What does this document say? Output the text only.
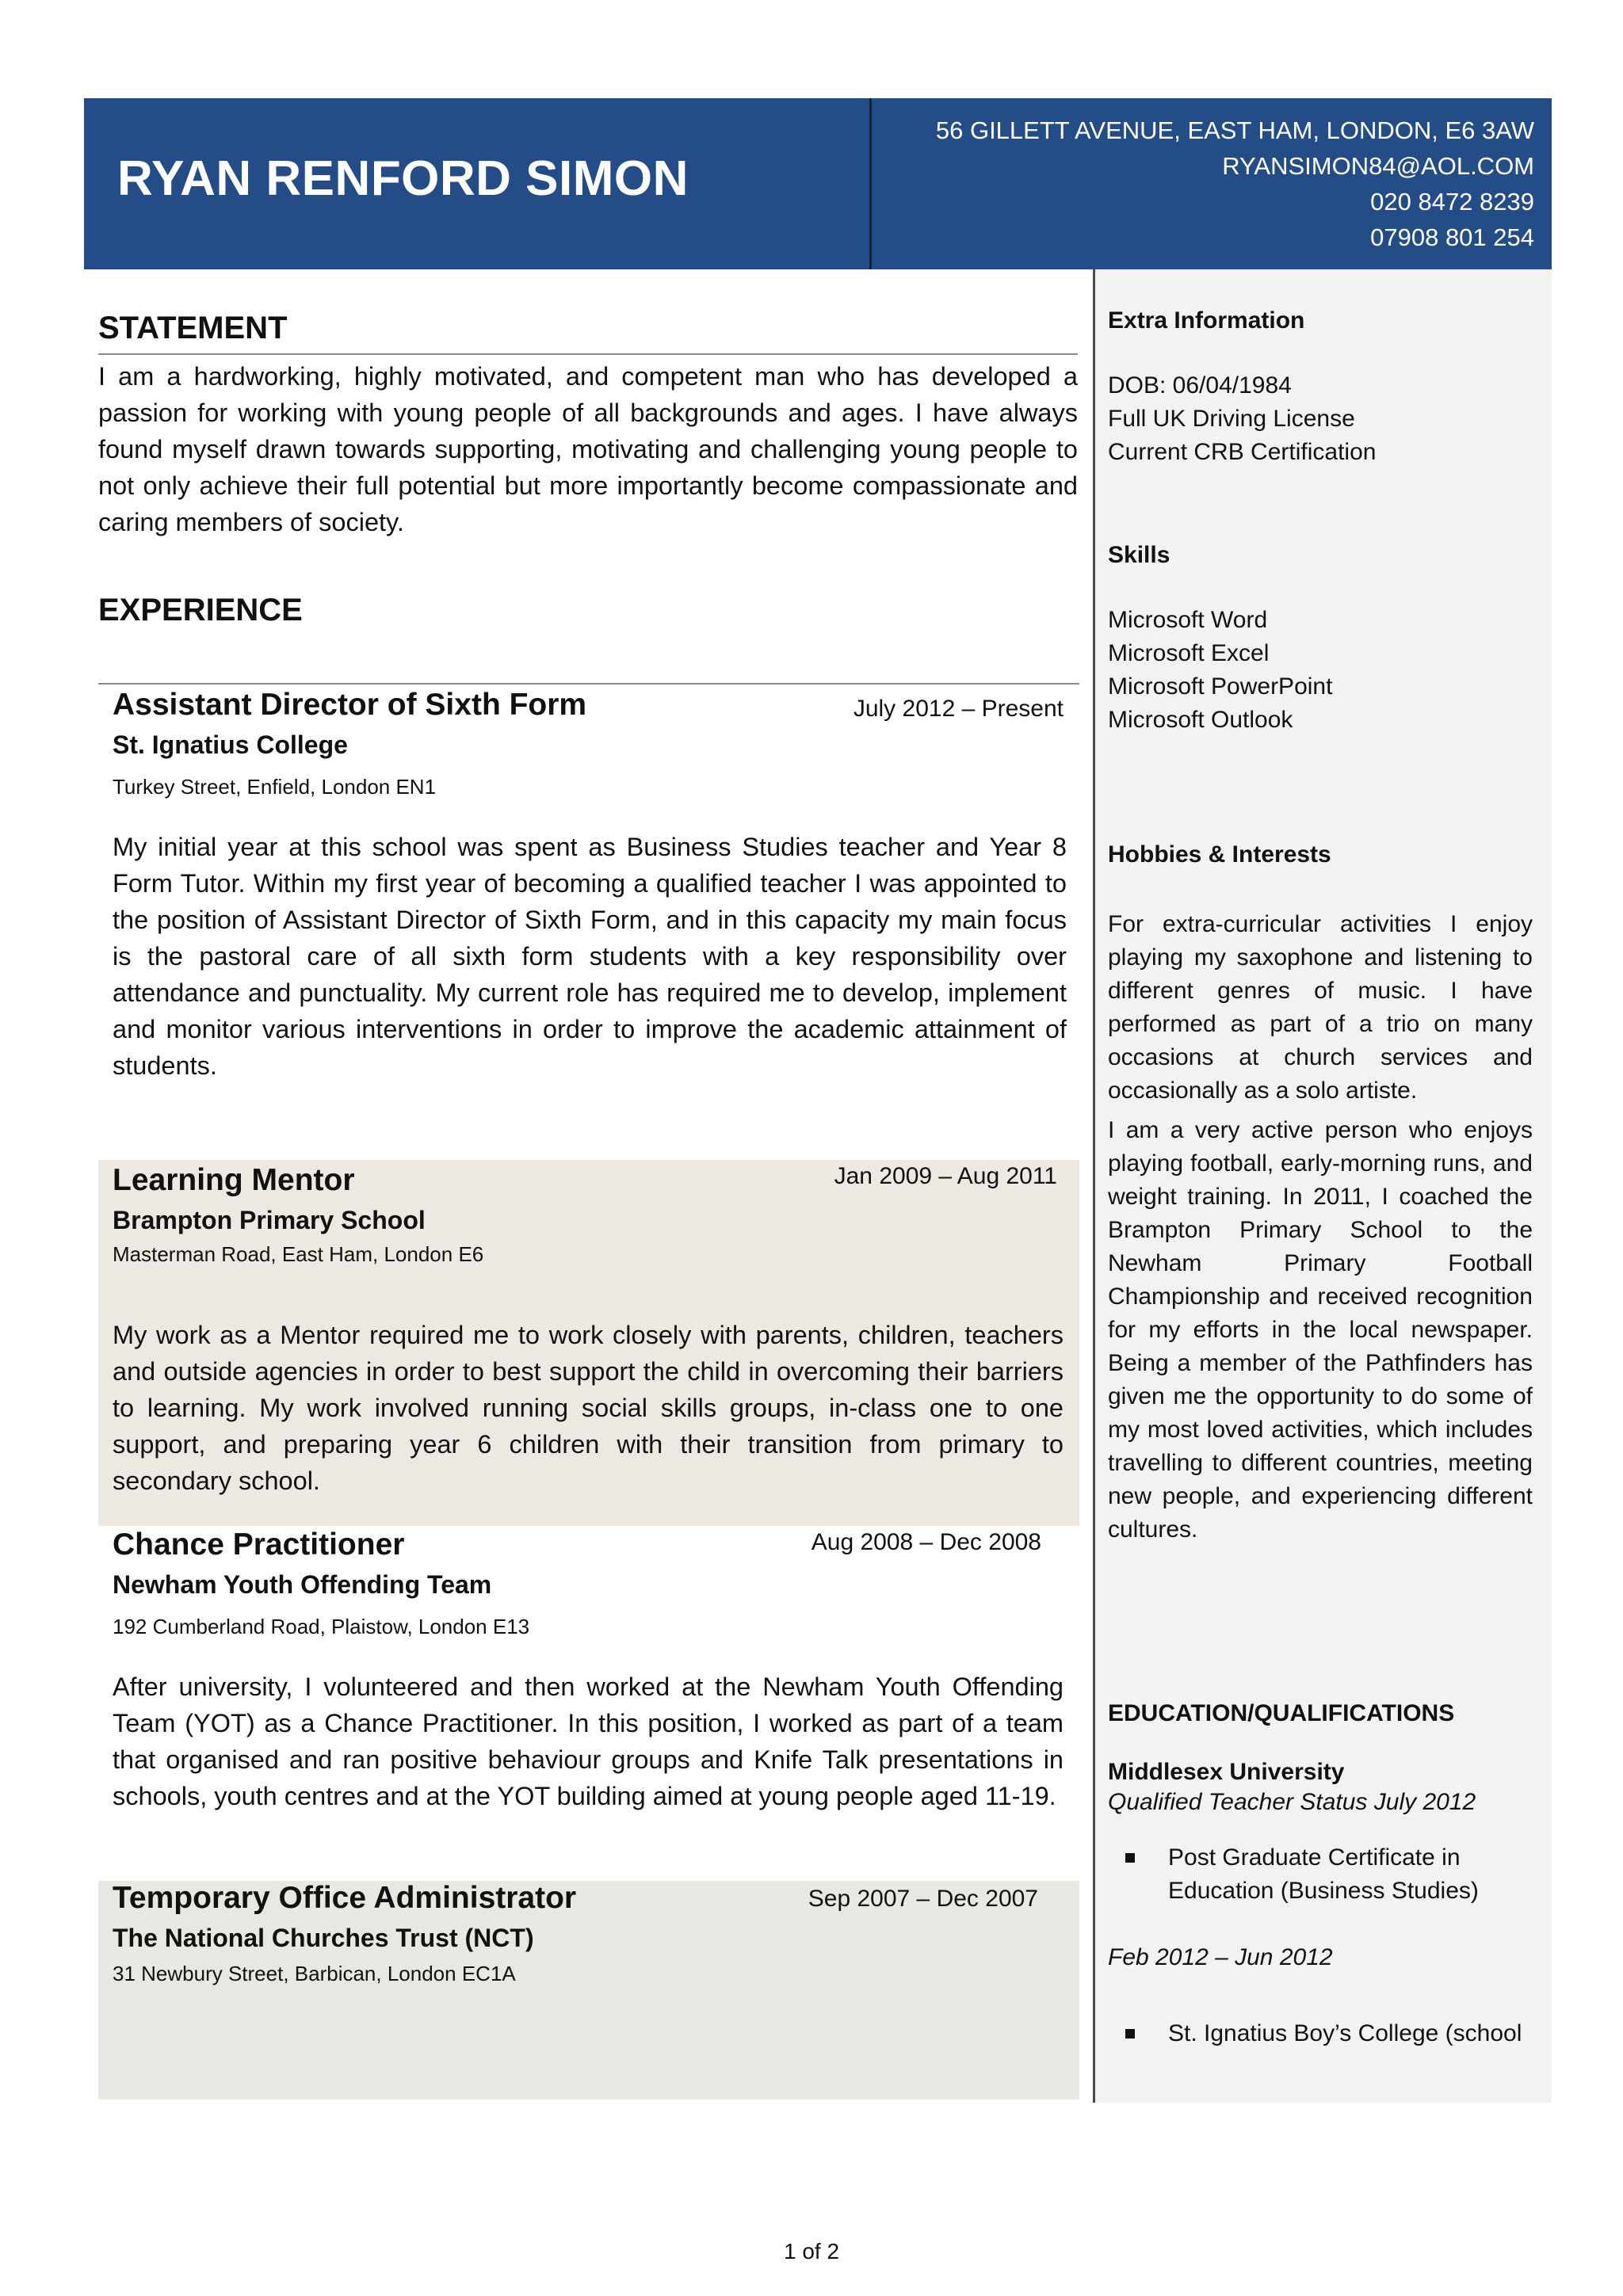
RYAN RENFORD SIMON
56 GILLETT AVENUE, EAST HAM, LONDON, E6 3AW
RYANSIMON84@AOL.COM
020 8472 8239
07908 801 254
STATEMENT
I am a hardworking, highly motivated, and competent man who has developed a passion for working with young people of all backgrounds and ages. I have always found myself drawn towards supporting, motivating and challenging young people to not only achieve their full potential but more importantly become compassionate and caring members of society.
EXPERIENCE
Assistant Director of Sixth Form	July 2012 – Present
St. Ignatius College
Turkey Street, Enfield, London EN1
My initial year at this school was spent as Business Studies teacher and Year 8 Form Tutor. Within my first year of becoming a qualified teacher I was appointed to the position of Assistant Director of Sixth Form, and in this capacity my main focus is the pastoral care of all sixth form students with a key responsibility over attendance and punctuality. My current role has required me to develop, implement and monitor various interventions in order to improve the academic attainment of students.
Learning Mentor	Jan 2009 – Aug 2011
Brampton Primary School
Masterman Road, East Ham, London E6
My work as a Mentor required me to work closely with parents, children, teachers and outside agencies in order to best support the child in overcoming their barriers to learning. My work involved running social skills groups, in-class one to one support, and preparing year 6 children with their transition from primary to secondary school.
Chance Practitioner	Aug 2008 – Dec 2008
Newham Youth Offending Team
192 Cumberland Road, Plaistow, London E13
After university, I volunteered and then worked at the Newham Youth Offending Team (YOT) as a Chance Practitioner. In this position, I worked as part of a team that organised and ran positive behaviour groups and Knife Talk presentations in schools, youth centres and at the YOT building aimed at young people aged 11-19.
Temporary Office Administrator	Sep 2007 – Dec 2007
The National Churches Trust (NCT)
31 Newbury Street, Barbican, London EC1A
Extra Information
DOB: 06/04/1984
Full UK Driving License
Current CRB Certification
Skills
Microsoft Word
Microsoft Excel
Microsoft PowerPoint
Microsoft Outlook
Hobbies & Interests
For extra-curricular activities I enjoy playing my saxophone and listening to different genres of music. I have performed as part of a trio on many occasions at church services and occasionally as a solo artiste.
I am a very active person who enjoys playing football, early-morning runs, and weight training. In 2011, I coached the Brampton Primary School to the Newham Primary Football Championship and received recognition for my efforts in the local newspaper. Being a member of the Pathfinders has given me the opportunity to do some of my most loved activities, which includes travelling to different countries, meeting new people, and experiencing different cultures.
EDUCATION/QUALIFICATIONS
Middlesex University
Qualified Teacher Status July 2012
Post Graduate Certificate in Education (Business Studies)
Feb 2012 – Jun 2012
St. Ignatius Boy’s College (school
1 of 2
